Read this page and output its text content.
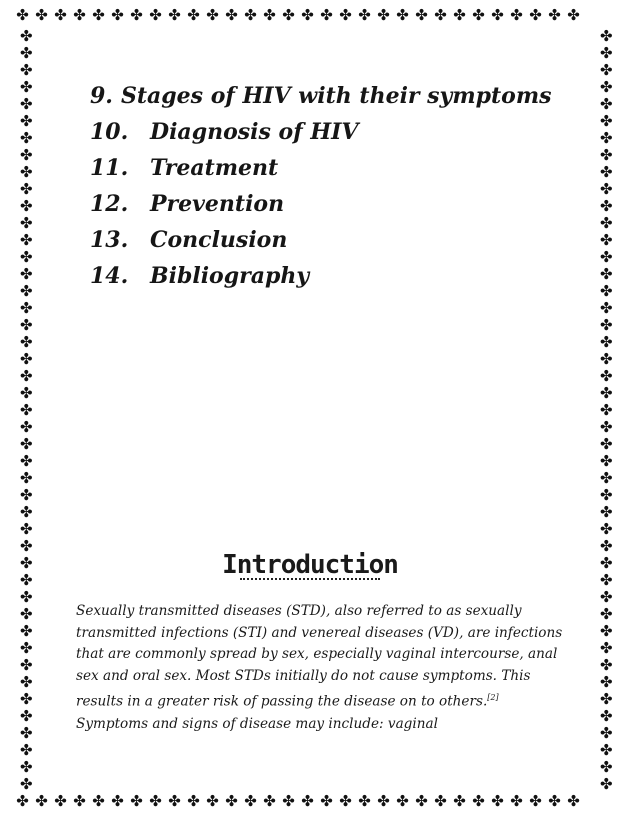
✤ ✤ ✤ ✤ ✤ ✤ ✤ ✤ ✤ ✤ ✤ ✤ ✤ ✤ ✤ ✤ ✤ ✤ ✤ ✤ ✤ ✤ ✤ ✤ ✤ ✤ ✤ ✤ ✤ ✤
✤ ✤ ✤ ✤ ✤ ✤ ✤ ✤ ✤ ✤ ✤ ✤ ✤ ✤ ✤ ✤ ✤ ✤ ✤ ✤ ✤ ✤ ✤ ✤ ✤ ✤ ✤ ✤ ✤ ✤
✤
✤
✤
✤
✤
✤
✤
✤
✤
✤
✤
✤
✤
✤
✤
✤
✤
✤
✤
✤
✤
✤
✤
✤
✤
✤
✤
✤
✤
✤
✤
✤
✤
✤
✤
✤
✤
✤
✤
✤
✤
✤
✤
✤
✤
✤
✤
✤
✤
✤
✤
✤
✤
✤
✤
✤
✤
✤
✤
✤
✤
✤
✤
✤
✤
✤
✤
✤
✤
✤
✤
✤
✤
✤
✤
✤
✤
✤
✤
✤
✤
✤
✤
✤
✤
✤
✤
✤
✤
✤
9. Stages of HIV with their symptoms
10. Diagnosis of HIV
11. Treatment
12. Prevention
13. Conclusion
14. Bibliography
Introduction
Sexually transmitted diseases (STD), also referred to as sexually transmitted infections (STI) and venereal diseases (VD), are infections that are commonly spread by sex, especially vaginal intercourse, anal sex and oral sex. Most STDs initially do not cause symptoms. This results in a greater risk of passing the disease on to others.[2] Symptoms and signs of disease may include: vaginal
